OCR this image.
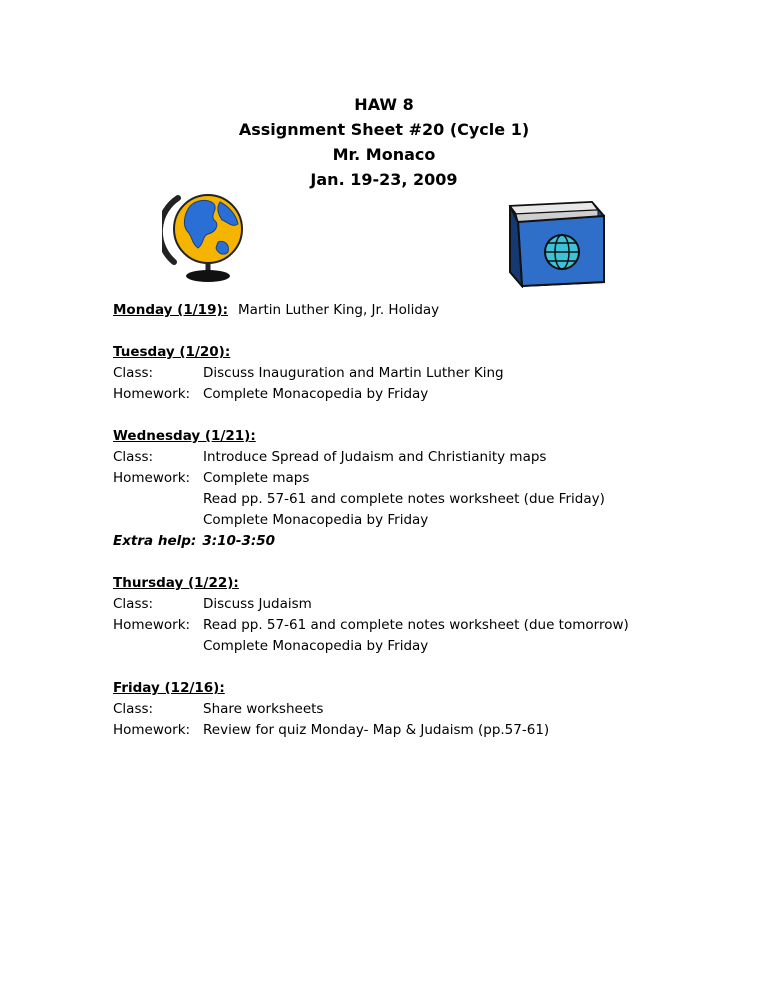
HAW 8
Assignment Sheet #20 (Cycle 1)
Mr. Monaco
Jan. 19-23, 2009
Monday (1/19): Martin Luther King, Jr. Holiday
Tuesday (1/20):
Class:	Discuss Inauguration and Martin Luther King
Homework: Complete Monacopedia by Friday
Wednesday (1/21):
Class:	Introduce Spread of Judaism and Christianity maps
Homework: Complete maps
Read pp. 57-61 and complete notes worksheet (due Friday)
Complete Monacopedia by Friday
Extra help: 3:10-3:50
Thursday (1/22):
Class:	Discuss Judaism
Homework: Read pp. 57-61 and complete notes worksheet (due tomorrow)
Complete Monacopedia by Friday
Friday (12/16):
Class:	Share worksheets
Homework: Review for quiz Monday- Map & Judaism (pp.57-61)
